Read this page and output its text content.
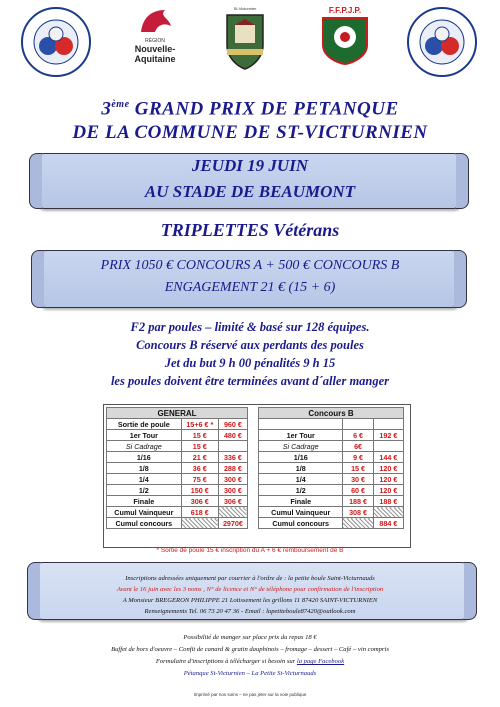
RÉGION
Nouvelle-
Aquitaine
St-Victurnien	F.F.P.J.P.
HAUTE-VIENNE
3ème GRAND PRIX DE PETANQUE
DE LA COMMUNE DE ST-VICTURNIEN
JEUDI 19 JUIN
AU STADE DE BEAUMONT
TRIPLETTES Vétérans
PRIX 1050 € CONCOURS A + 500 € CONCOURS B
ENGAGEMENT 21 € (15 + 6)
F2 par poules – limité & basé sur 128 équipes.
Concours B réservé aux perdants des poules
Jet du but 9 h 00 pénalités 9 h 15
les poules doivent être terminées avant d´aller manger
GENERAL		
Sortie de poule	15+6 € *	960 €
1er Tour	15 €	480 €
Si Cadrage	15 €	
1/16	21 €	336 €
1/8	36 €	288 €
1/4	75 €	300 €
1/2	150 €	300 €
Finale	306 €	306 €
Cumul Vainqueur	618 €	
Cumul concours		2970€
Concours B		

1er Tour	6 €	192 €
Si Cadrage	6€	
1/16	9 €	144 €
1/8	15 €	120 €
1/4	30 €	120 €
1/2	60 €	120 €
Finale	188 €	188 €
Cumul Vainqueur	308 €	
Cumul concours		884 €
* Sortie de poule 15 € inscription du A + 6 € remboursement de B
Inscriptions adressées uniquement par courrier à l'ordre de : la petite boule Saint-Victurnauds
Avant le 16 juin avec les 3 noms , N° de licence et N° de téléphone pour confirmation de l'inscription
A Monsieur BREGERON PHILIPPE 21 Lotissement les grillons 11 87420 SAINT-VICTURNIEN
Renseignements Tel. 06 73 20 47 36 - Email : lapetiteboule87420@outlook.com
Possibilité de manger sur place prix du repas 18 €
Buffet de hors d'oeuvre – Confit de canard & gratin dauphinois – fromage – dessert – Café – vin compris
Formulaire d'inscriptions à télécharger si besoin sur la page Facebook
Pétanque St-Victurnien – La Petite St-Victurnauds
Imprimé par nos soins – ne pas jeter sur la voie publique
